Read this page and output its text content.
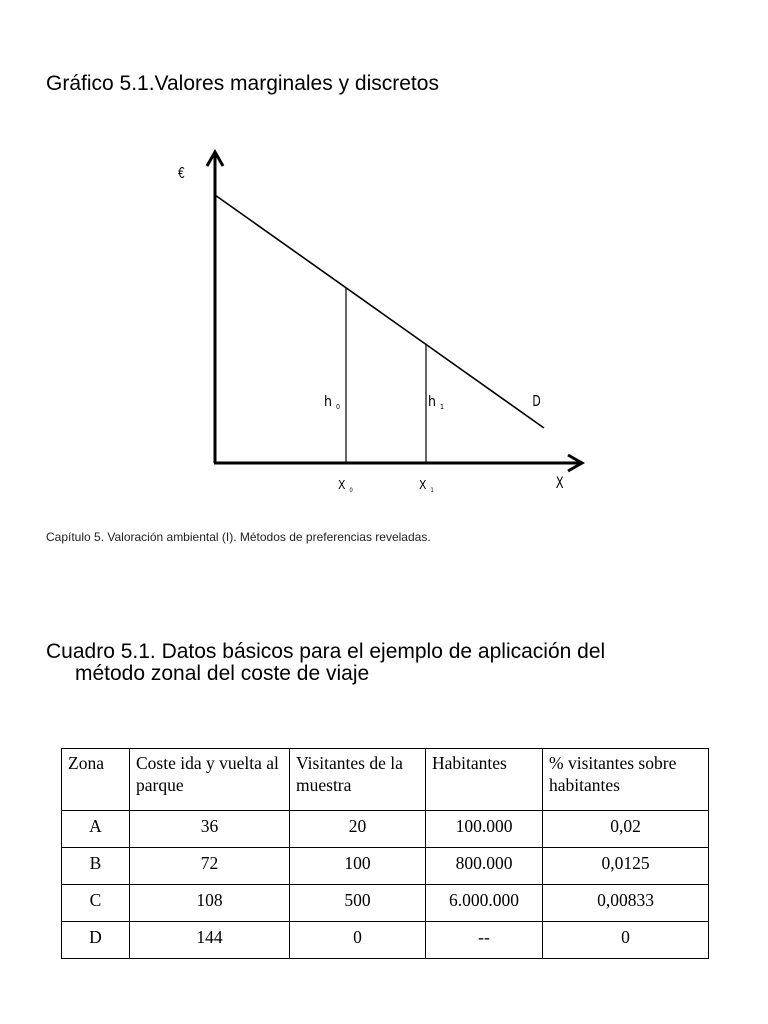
Gráfico 5.1.Valores marginales y discretos
€
X
D
h $_0$	h $_1$
X $_0$	X $_1$
Capítulo 5. Valoración ambiental (I). Métodos de preferencias reveladas.
Cuadro 5.1. Datos básicos para el ejemplo de aplicación del
método zonal del coste de viaje
Zona	Coste ida y vuelta al parque	Visitantes de la muestra	Habitantes	% visitantes sobre habitantes
A	36	20	100.000	0,02
B	72	100	800.000	0,0125
C	108	500	6.000.000	0,00833
D	144	0	--	0
